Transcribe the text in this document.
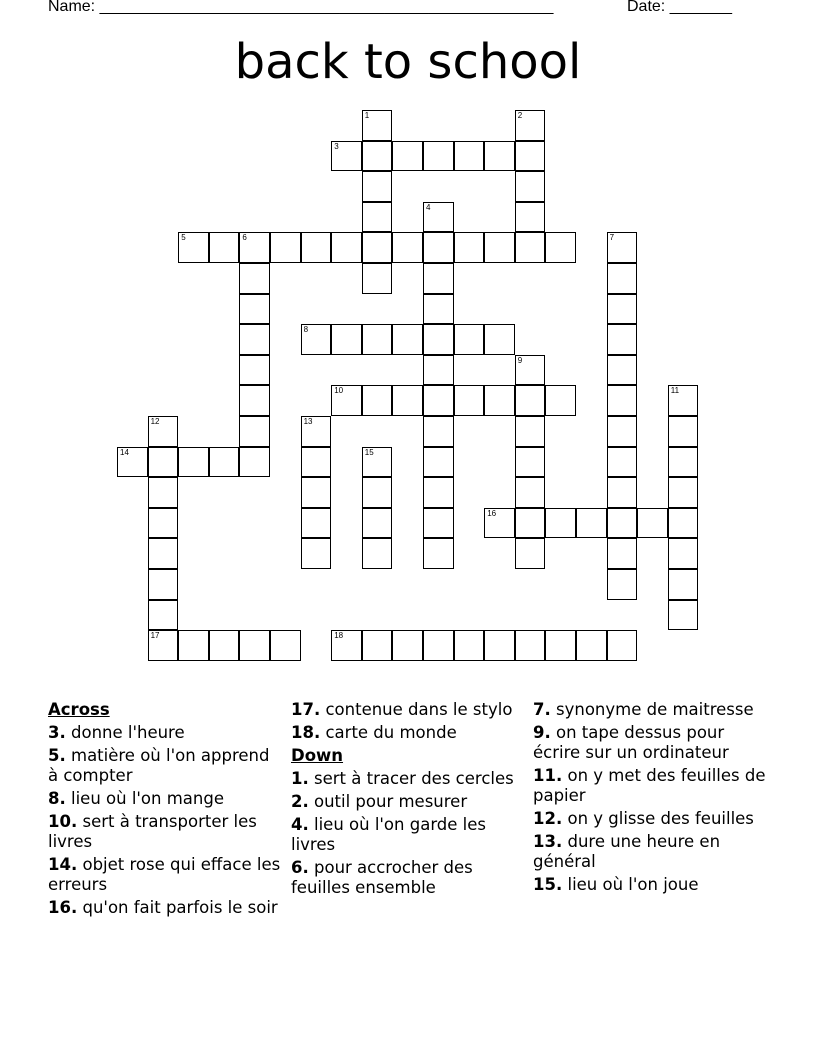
Name: ___________________________________________________	Date: _______
back to school
1	2
3
4
5	6	7
8
9
10	11
12
17
13
14	15
16
18
Across
3. donne l'heure
5. matière où l'on apprend à compter
8. lieu où l'on mange
10. sert à transporter les livres
14. objet rose qui efface les erreurs
16. qu'on fait parfois le soir
17. contenue dans le stylo
18. carte du monde
Down
1. sert à tracer des cercles
2. outil pour mesurer
4. lieu où l'on garde les livres
6. pour accrocher des feuilles ensemble
7. synonyme de maitresse
9. on tape dessus pour écrire sur un ordinateur
11. on y met des feuilles de papier
12. on y glisse des feuilles
13. dure une heure en général
15. lieu où l'on joue
